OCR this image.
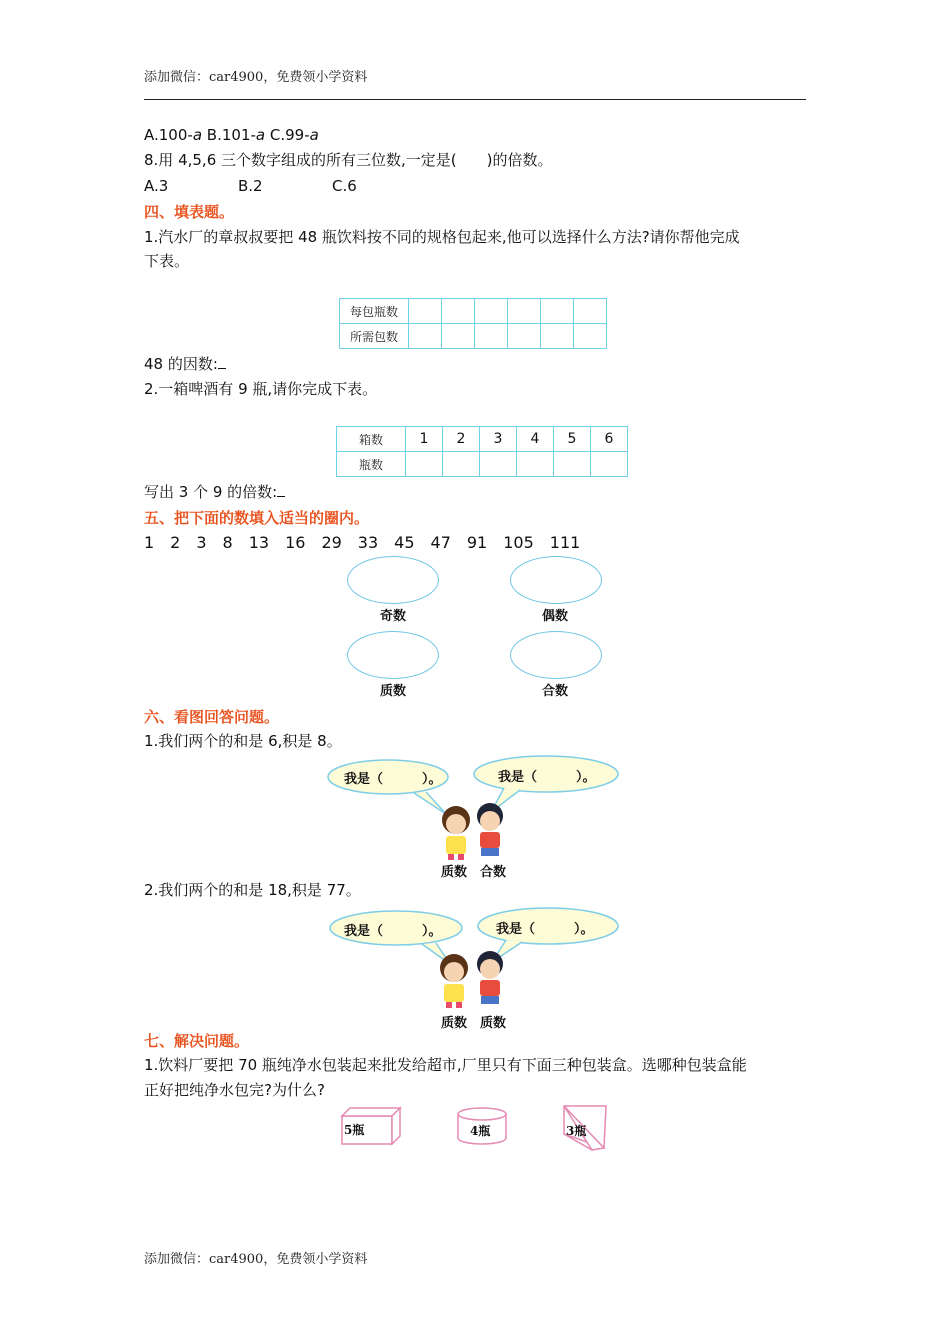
添加微信：car4900，免费领小学资料
A.100-a B.101-a C.99-a
8.用 4,5,6 三个数字组成的所有三位数,一定是(　　)的倍数。
A.3	B.2	C.6
四、填表题。
1.汽水厂的章叔叔要把 48 瓶饮料按不同的规格包起来,他可以选择什么方法?请你帮他完成
下表。
每包瓶数						
所需包数						
48 的因数:
2.一箱啤酒有 9 瓶,请你完成下表。
箱数	1	2	3	4	5	6
瓶数						
写出 3 个 9 的倍数:
五、把下面的数填入适当的圈内。
1　2　3　8　13　16　29　33　45　47　91　105　111
奇数	偶数
质数	合数
六、看图回答问题。
1.我们两个的和是 6,积是 8。
我是（　　　）。	我是（　　　）。
质数 合数
2.我们两个的和是 18,积是 77。
我是（　　　）。	我是（　　　）。
质数 质数
七、解决问题。
1.饮料厂要把 70 瓶纯净水包装起来批发给超市,厂里只有下面三种包装盒。选哪种包装盒能
正好把纯净水包完?为什么?
5瓶	4瓶	3瓶
添加微信：car4900，免费领小学资料
